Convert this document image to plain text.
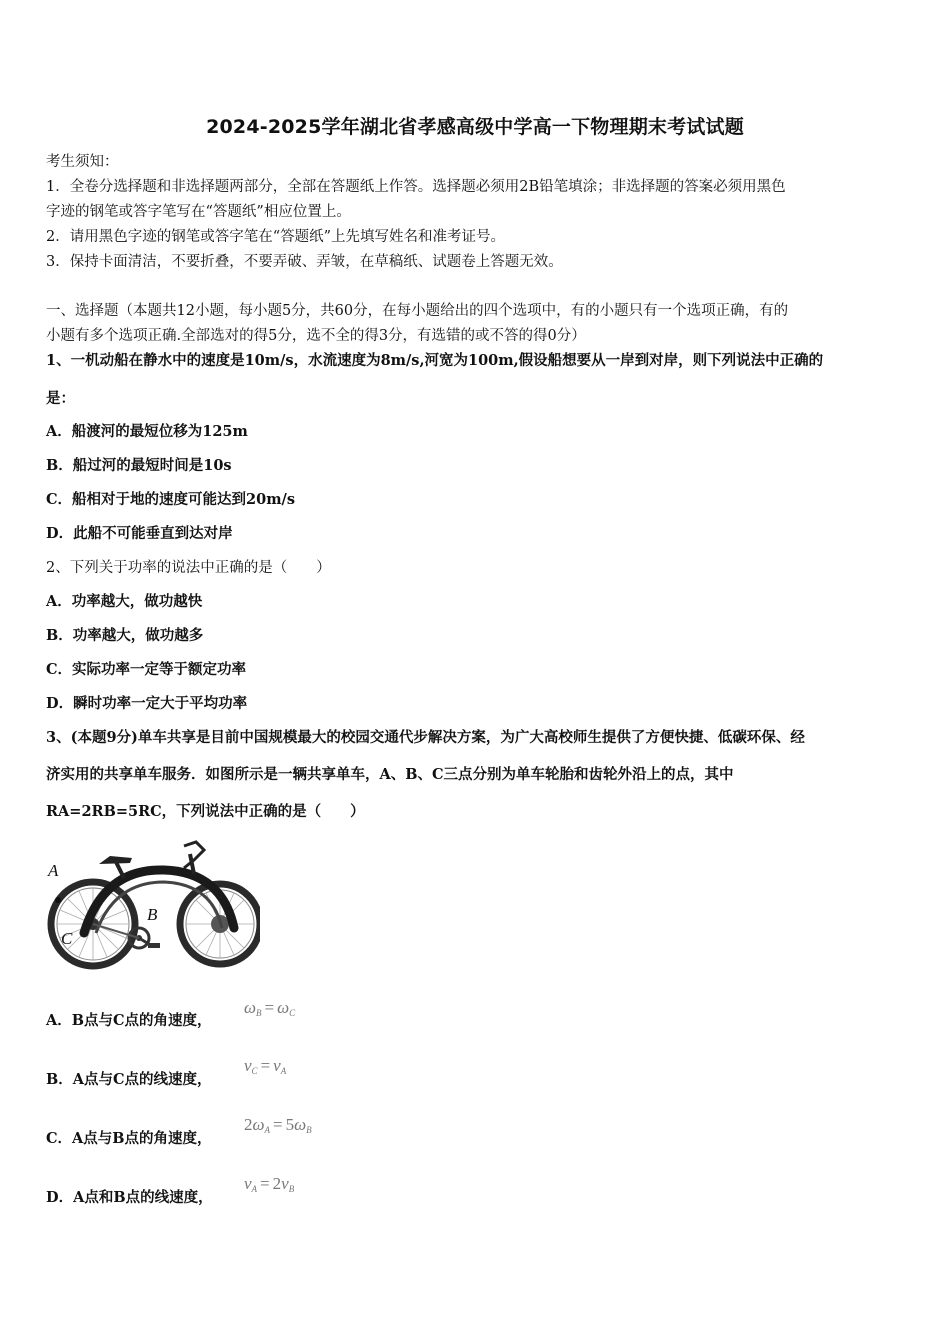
2024-2025学年湖北省孝感高级中学高一下物理期末考试试题
考生须知：
1．全卷分选择题和非选择题两部分，全部在答题纸上作答。选择题必须用2B铅笔填涂；非选择题的答案必须用黑色
字迹的钢笔或答字笔写在“答题纸”相应位置上。
2．请用黑色字迹的钢笔或答字笔在“答题纸”上先填写姓名和准考证号。
3．保持卡面清洁，不要折叠，不要弄破、弄皱，在草稿纸、试题卷上答题无效。
一、选择题（本题共12小题，每小题5分，共60分，在每小题给出的四个选项中，有的小题只有一个选项正确，有的
小题有多个选项正确.全部选对的得5分，选不全的得3分，有选错的或不答的得0分）
1、一机动船在静水中的速度是10m/s，水流速度为8m/s,河宽为100m,假设船想要从一岸到对岸，则下列说法中正确的
是：
A．船渡河的最短位移为125m
B．船过河的最短时间是10s
C．船相对于地的速度可能达到20m/s
D．此船不可能垂直到达对岸
2、下列关于功率的说法中正确的是（　　）
A．功率越大，做功越快
B．功率越大，做功越多
C．实际功率一定等于额定功率
D．瞬时功率一定大于平均功率
3、(本题9分)单车共享是目前中国规模最大的校园交通代步解决方案，为广大高校师生提供了方便快捷、低碳环保、经
济实用的共享单车服务．如图所示是一辆共享单车，A、B、C三点分别为单车轮胎和齿轮外沿上的点，其中
RA=2RB=5RC，下列说法中正确的是（　　）
A
B
C
A．B点与C点的角速度，
$\omega_B = \omega_C$
B．A点与C点的线速度，
$v_C = v_A$
C．A点与B点的角速度，
$2\omega_A = 5\omega_B$
D．A点和B点的线速度，
$v_A = 2v_B$
